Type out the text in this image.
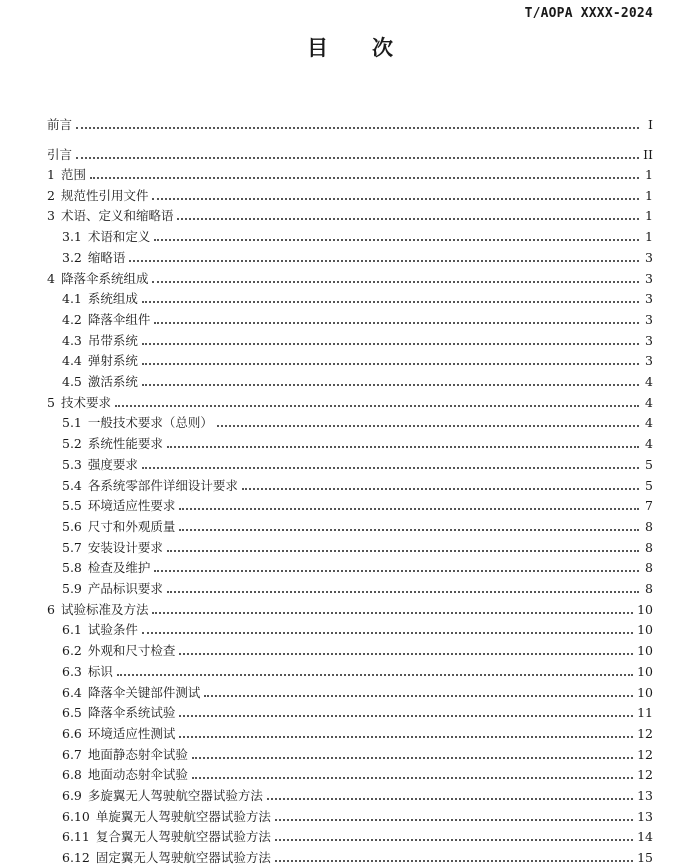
T/AOPA XXXX-2024
目 次
前言	I
引言	II
1 范围	1
2 规范性引用文件	1
3 术语、定义和缩略语	1
3.1 术语和定义	1
3.2 缩略语	3
4 降落伞系统组成	3
4.1 系统组成	3
4.2 降落伞组件	3
4.3 吊带系统	3
4.4 弹射系统	3
4.5 激活系统	4
5 技术要求	4
5.1 一般技术要求（总则）	4
5.2 系统性能要求	4
5.3 强度要求	5
5.4 各系统零部件详细设计要求	5
5.5 环境适应性要求	7
5.6 尺寸和外观质量	8
5.7 安装设计要求	8
5.8 检查及维护	8
5.9 产品标识要求	8
6 试验标准及方法	10
6.1 试验条件	10
6.2 外观和尺寸检查	10
6.3 标识	10
6.4 降落伞关键部件测试	10
6.5 降落伞系统试验	11
6.6 环境适应性测试	12
6.7 地面静态射伞试验	12
6.8 地面动态射伞试验	12
6.9 多旋翼无人驾驶航空器试验方法	13
6.10 单旋翼无人驾驶航空器试验方法	13
6.11 复合翼无人驾驶航空器试验方法	14
6.12 固定翼无人驾驶航空器试验方法	15
